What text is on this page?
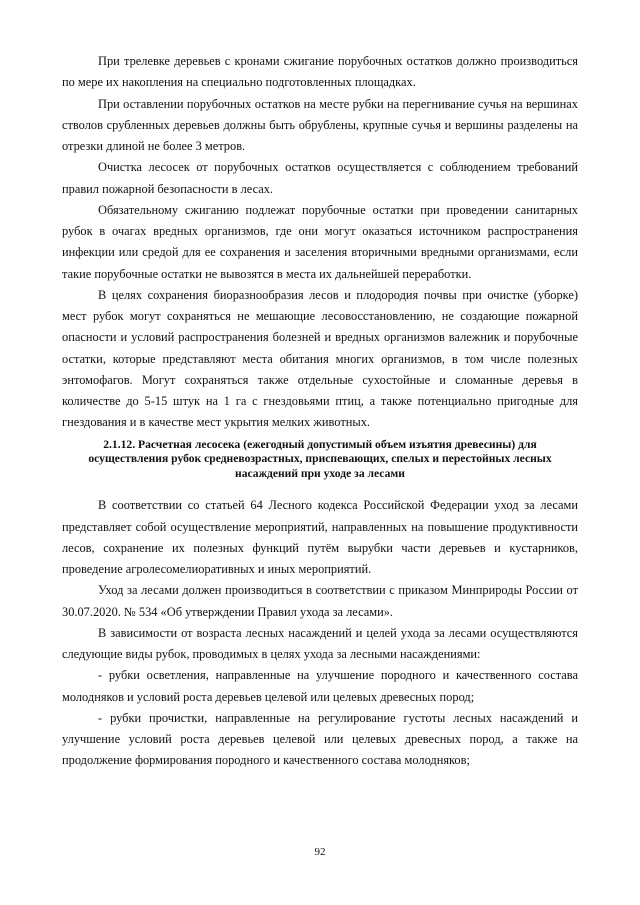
При трелевке деревьев с кронами сжигание порубочных остатков должно производиться по мере их накопления на специально подготовленных площадках.

При оставлении порубочных остатков на месте рубки на перегнивание сучья на вершинах стволов срубленных деревьев должны быть обрублены, крупные сучья и вершины разделены на отрезки длиной не более 3 метров.

Очистка лесосек от порубочных остатков осуществляется с соблюдением требований правил пожарной безопасности в лесах.

Обязательному сжиганию подлежат порубочные остатки при проведении санитарных рубок в очагах вредных организмов, где они могут оказаться источником распространения инфекции или средой для ее сохранения и заселения вторичными вредными организмами, если такие порубочные остатки не вывозятся в места их дальнейшей переработки.

В целях сохранения биоразнообразия лесов и плодородия почвы при очистке (уборке) мест рубок могут сохраняться не мешающие лесовосстановлению, не создающие пожарной опасности и условий распространения болезней и вредных организмов валежник и порубочные остатки, которые представляют места обитания многих организмов, в том числе полезных энтомофагов. Могут сохраняться также отдельные сухостойные и сломанные деревья в количестве до 5-15 штук на 1 га с гнездовьями птиц, а также потенциально пригодные для гнездования и в качестве мест укрытия мелких животных.

2.1.12. Расчетная лесосека (ежегодный допустимый объем изъятия древесины) для осуществления рубок средневозрастных, приспевающих, спелых и перестойных лесных насаждений при уходе за лесами

В соответствии со статьей 64 Лесного кодекса Российской Федерации уход за лесами представляет собой осуществление мероприятий, направленных на повышение продуктивности лесов, сохранение их полезных функций путём вырубки части деревьев и кустарников, проведение агролесомелиоративных и иных мероприятий.

Уход за лесами должен производиться в соответствии с приказом Минприроды России от 30.07.2020. № 534 «Об утверждении Правил ухода за лесами».

В зависимости от возраста лесных насаждений и целей ухода за лесами осуществляются следующие виды рубок, проводимых в целях ухода за лесными насаждениями:

- рубки осветления, направленные на улучшение породного и качественного состава молодняков и условий роста деревьев целевой или целевых древесных пород;

- рубки прочистки, направленные на регулирование густоты лесных насаждений и улучшение условий роста деревьев целевой или целевых древесных пород, а также на продолжение формирования породного и качественного состава молодняков;

92
